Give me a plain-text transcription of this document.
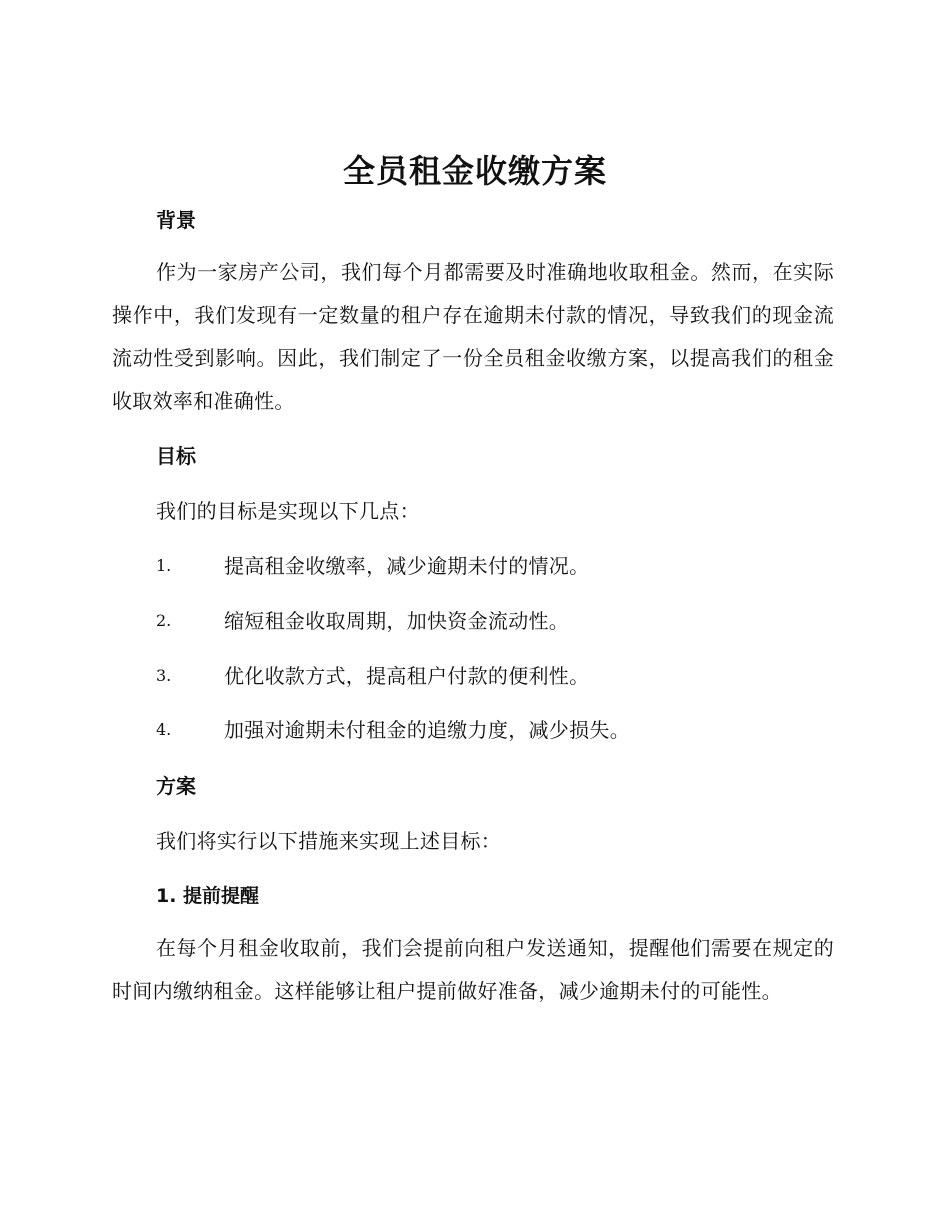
全员租金收缴方案
背景

作为一家房产公司，我们每个月都需要及时准确地收取租金。然而，在实际操作中，我们发现有一定数量的租户存在逾期未付款的情况，导致我们的现金流流动性受到影响。因此，我们制定了一份全员租金收缴方案，以提高我们的租金收取效率和准确性。

目标

我们的目标是实现以下几点：

1.	提高租金收缴率，减少逾期未付的情况。
2.	缩短租金收取周期，加快资金流动性。
3.	优化收款方式，提高租户付款的便利性。
4.	加强对逾期未付租金的追缴力度，减少损失。
方案

我们将实行以下措施来实现上述目标：

1. 提前提醒

在每个月租金收取前，我们会提前向租户发送通知，提醒他们需要在规定的时间内缴纳租金。这样能够让租户提前做好准备，减少逾期未付的可能性。
